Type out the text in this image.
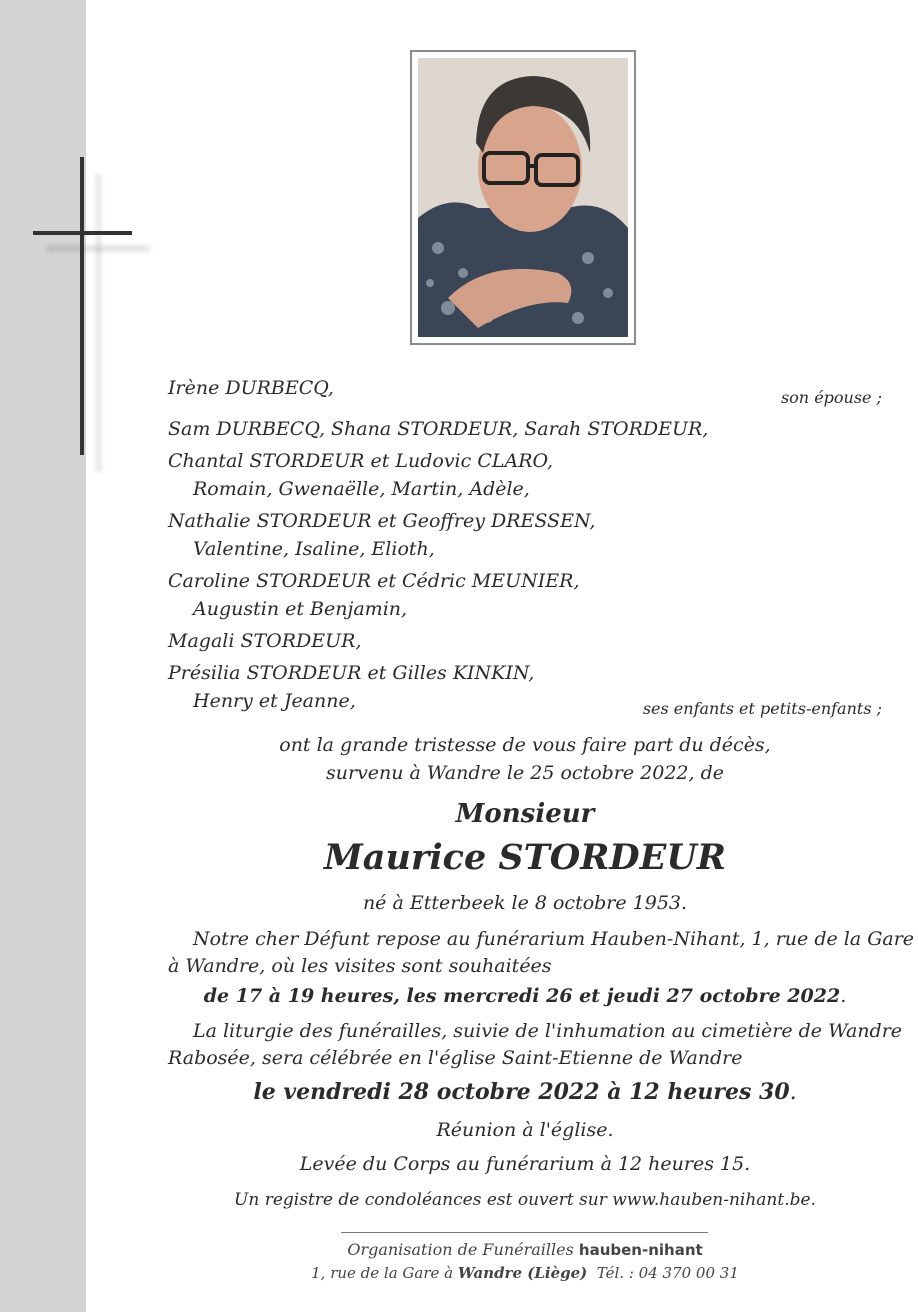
Irène DURBECQ,	son épouse ;

Sam DURBECQ, Shana STORDEUR, Sarah STORDEUR,

Chantal STORDEUR et Ludovic CLARO,

Romain, Gwenaëlle, Martin, Adèle,

Nathalie STORDEUR et Geoffrey DRESSEN,

Valentine, Isaline, Elioth,

Caroline STORDEUR et Cédric MEUNIER,

Augustin et Benjamin,

Magali STORDEUR,

Présilia STORDEUR et Gilles KINKIN,

Henry et Jeanne,	ses enfants et petits-enfants ;

ont la grande tristesse de vous faire part du décès,

survenu à Wandre le 25 octobre 2022, de

Monsieur

Maurice STORDEUR

né à Etterbeek le 8 octobre 1953.

Notre cher Défunt repose au funérarium Hauben-Nihant, 1, rue de la Gare

à Wandre, où les visites sont souhaitées

de 17 à 19 heures, les mercredi 26 et jeudi 27 octobre 2022.

La liturgie des funérailles, suivie de l'inhumation au cimetière de Wandre

Rabosée, sera célébrée en l'église Saint-Etienne de Wandre

le vendredi 28 octobre 2022 à 12 heures 30.

Réunion à l'église.

Levée du Corps au funérarium à 12 heures 15.

Un registre de condoléances est ouvert sur www.hauben-nihant.be.

Organisation de Funérailles hauben-nihant

1, rue de la Gare à Wandre (Liège) Tél. : 04 370 00 31
